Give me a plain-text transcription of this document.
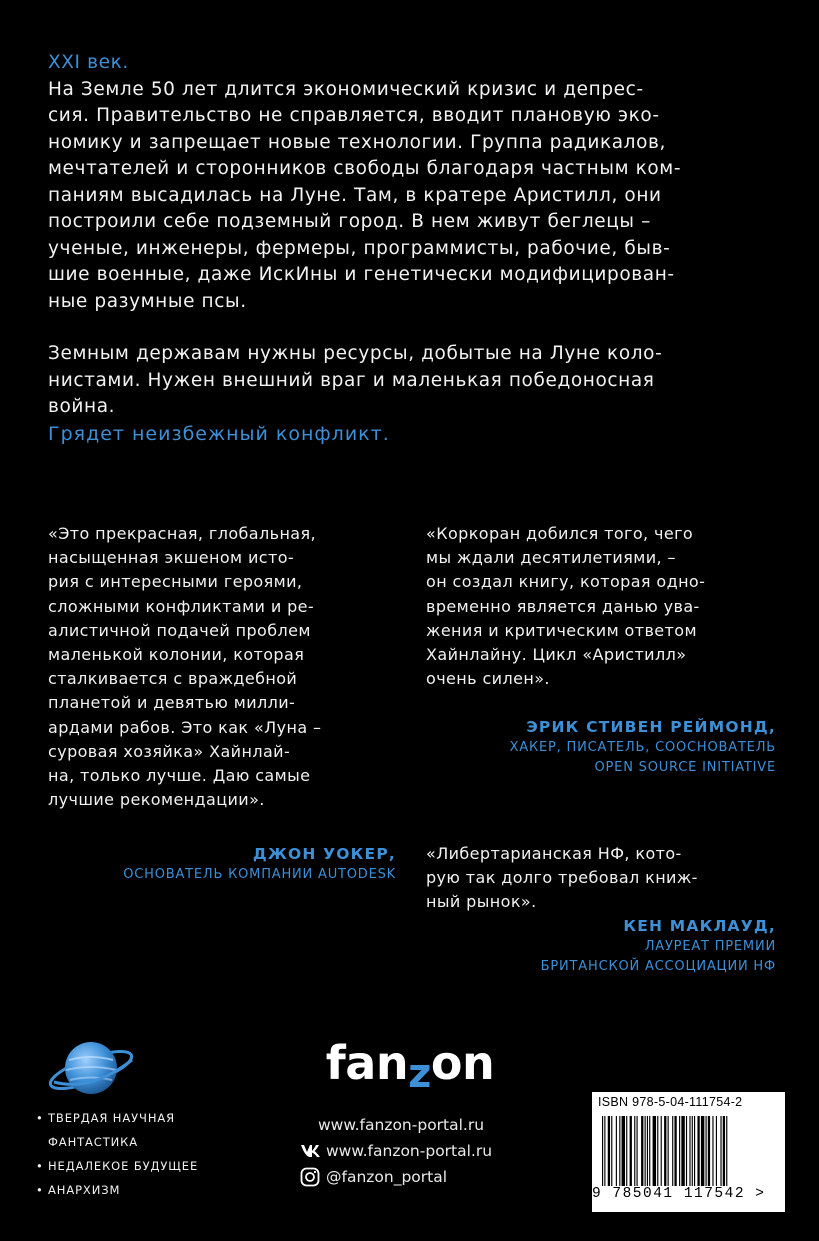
XXI век.

На Земле 50 лет длится экономический кризис и депрес-
сия. Правительство не справляется, вводит плановую эко-
номику и запрещает новые технологии. Группа радикалов,
мечтателей и сторонников свободы благодаря частным ком-
паниям высадилась на Луне. Там, в кратере Аристилл, они
построили себе подземный город. В нем живут беглецы –
ученые, инженеры, фермеры, программисты, рабочие, быв-
шие военные, даже ИскИны и генетически модифицирован-
ные разумные псы.

Земным державам нужны ресурсы, добытые на Луне коло-
нистами. Нужен внешний враг и маленькая победоносная
война.

Грядет неизбежный конфликт.

«Это прекрасная, глобальная,
насыщенная экшеном исто-
рия с интересными героями,
сложными конфликтами и ре-
алистичной подачей проблем
маленькой колонии, которая
сталкивается с враждебной
планетой и девятью милли-
ардами рабов. Это как «Луна –
суровая хозяйка» Хайнлай-
на, только лучше. Даю самые
лучшие рекомендации».
ДЖОН УОКЕР,
ОСНОВАТЕЛЬ КОМПАНИИ AUTODESK
«Коркоран добился того, чего
мы ждали десятилетиями, –
он создал книгу, которая одно-
временно является данью ува-
жения и критическим ответом
Хайнлайну. Цикл «Аристилл»
очень силен».
ЭРИК СТИВЕН РЕЙМОНД,
ХАКЕР, ПИСАТЕЛЬ, СООСНОВАТЕЛЬ
OPEN SOURCE INITIATIVE
«Либертарианская НФ, кото-
рую так долго требовал книж-
ный рынок».
КЕН МАКЛАУД,
ЛАУРЕАТ ПРЕМИИ
БРИТАНСКОЙ АССОЦИАЦИИ НФ
• ТВЕРДАЯ НАУЧНАЯ
ФАНТАСТИКА
• НЕДАЛЕКОЕ БУДУЩЕЕ
• АНАРХИЗМ
fanzon
www.fanzon-portal.ru
www.fanzon-portal.ru
@fanzon_portal
ISBN 978-5-04-111754-2
9 785041 117542 >
